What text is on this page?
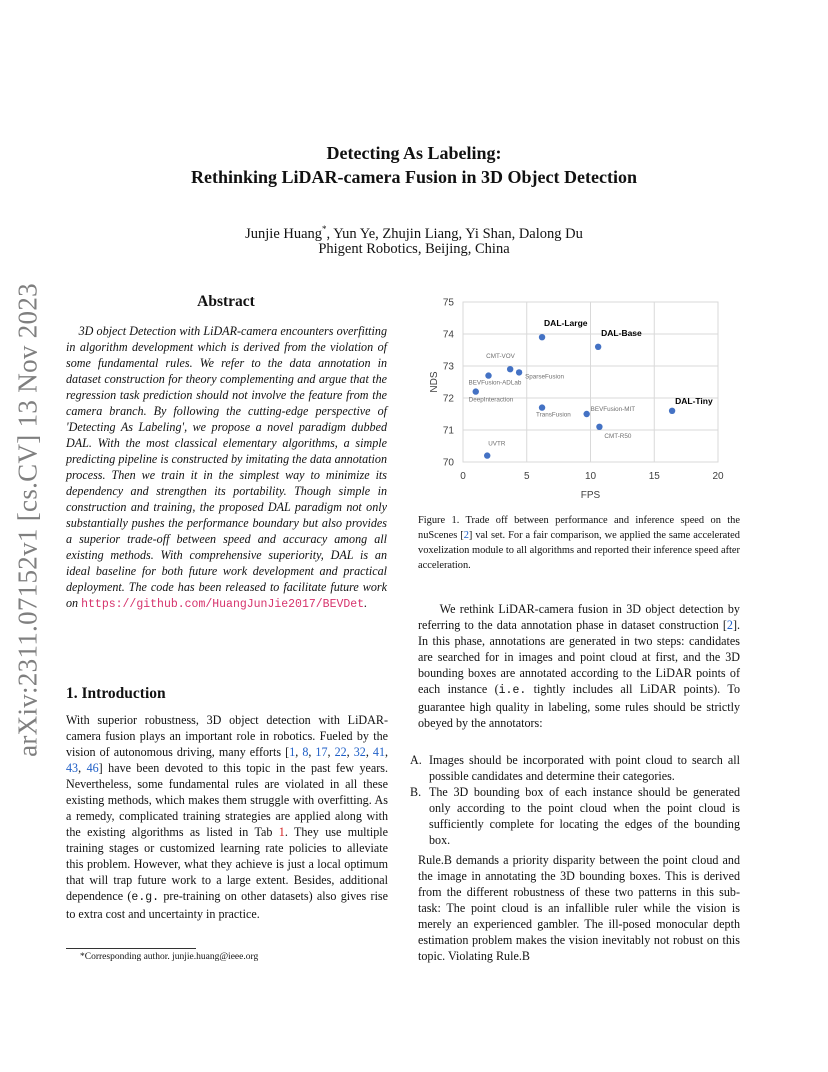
arXiv:2311.07152v1 [cs.CV] 13 Nov 2023
Detecting As Labeling:
Rethinking LiDAR-camera Fusion in 3D Object Detection
Junjie Huang*, Yun Ye, Zhujin Liang, Yi Shan, Dalong Du
Phigent Robotics, Beijing, China
Abstract
3D object Detection with LiDAR-camera encounters overfitting in algorithm development which is derived from the violation of some fundamental rules. We refer to the data annotation in dataset construction for theory complementing and argue that the regression task prediction should not involve the feature from the camera branch. By following the cutting-edge perspective of 'Detecting As Labeling', we propose a novel paradigm dubbed DAL. With the most classical elementary algorithms, a simple predicting pipeline is constructed by imitating the data annotation process. Then we train it in the simplest way to minimize its dependency and strengthen its portability. Though simple in construction and training, the proposed DAL paradigm not only substantially pushes the performance boundary but also provides a superior trade-off between speed and accuracy among all existing methods. With comprehensive superiority, DAL is an ideal baseline for both future work development and practical deployment. The code has been released to facilitate future work on https://github.com/HuangJunJie2017/BEVDet.
1. Introduction
With superior robustness, 3D object detection with LiDAR-camera fusion plays an important role in robotics. Fueled by the vision of autonomous driving, many efforts [1, 8, 17, 22, 32, 41, 43, 46] have been devoted to this topic in the past few years. Nevertheless, some fundamental rules are violated in all these existing methods, which makes them struggle with overfitting. As a remedy, complicated training strategies are applied along with the existing algorithms as listed in Tab 1. They use multiple training stages or customized learning rate policies to alleviate this problem. However, what they achieve is just a local optimum that will trap future work to a large extent. Besides, additional dependence (e.g. pre-training on other datasets) also gives rise to extra cost and uncertainty in practice.
*Corresponding author. junjie.huang@ieee.org
0	5	10	15	20
70
71
72
73
74
75
FPS
NDS
DAL-Large
DAL-Base
DAL-Tiny
CMT-VOV
SparseFusion
BEVFusion-ADLab
DeepInteraction
TransFusion
BEVFusion-MIT
CMT-R50
UVTR
Figure 1. Trade off between performance and inference speed on the nuScenes [2] val set. For a fair comparison, we applied the same accelerated voxelization module to all algorithms and reported their inference speed after acceleration.
We rethink LiDAR-camera fusion in 3D object detection by referring to the data annotation phase in dataset construction [2]. In this phase, annotations are generated in two steps: candidates are searched for in images and point cloud at first, and the 3D bounding boxes are annotated according to the LiDAR points of each instance (i.e. tightly includes all LiDAR points). To guarantee high quality in labeling, some rules should be strictly obeyed by the annotators:
A. Images should be incorporated with point cloud to search all possible candidates and determine their categories.
B. The 3D bounding box of each instance should be generated only according to the point cloud when the point cloud is sufficiently complete for locating the edges of the bounding box.
Rule.B demands a priority disparity between the point cloud and the image in annotating the 3D bounding boxes. This is derived from the different robustness of these two patterns in this sub-task: The point cloud is an infallible ruler while the vision is merely an experienced gambler. The ill-posed monocular depth estimation problem makes the vision inevitably not robust on this topic. Violating Rule.B
